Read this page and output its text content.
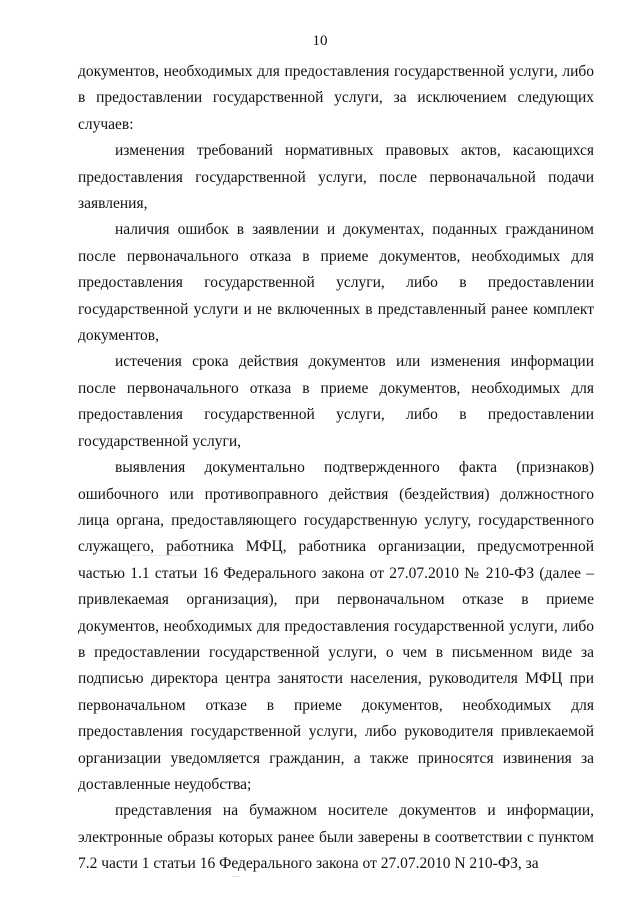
10

документов, необходимых для предоставления государственной услуги, либо в предоставлении государственной услуги, за исключением следующих случаев:

изменения требований нормативных правовых актов, касающихся предоставления государственной услуги, после первоначальной подачи заявления,

наличия ошибок в заявлении и документах, поданных гражданином после первоначального отказа в приеме документов, необходимых для предоставления государственной услуги, либо в предоставлении государственной услуги и не включенных в представленный ранее комплект документов,

истечения срока действия документов или изменения информации после первоначального отказа в приеме документов, необходимых для предоставления государственной услуги, либо в предоставлении государственной услуги,

выявления документально подтвержденного факта (признаков) ошибочного или противоправного действия (бездействия) должностного лица органа, предоставляющего государственную услугу, государственного служащего, работника МФЦ, работника организации, предусмотренной частью 1.1 статьи 16 Федерального закона от 27.07.2010 № 210-ФЗ (далее – привлекаемая организация), при первоначальном отказе в приеме документов, необходимых для предоставления государственной услуги, либо в предоставлении государственной услуги, о чем в письменном виде за подписью директора центра занятости населения, руководителя МФЦ при первоначальном отказе в приеме документов, необходимых для предоставления государственной услуги, либо руководителя привлекаемой организации уведомляется гражданин, а также приносятся извинения за доставленные неудобства;

представления на бумажном носителе документов и информации, электронные образы которых ранее были заверены в соответствии с пунктом 7.2 части 1 статьи 16 Федерального закона от 27.07.2010 N 210-ФЗ, за
